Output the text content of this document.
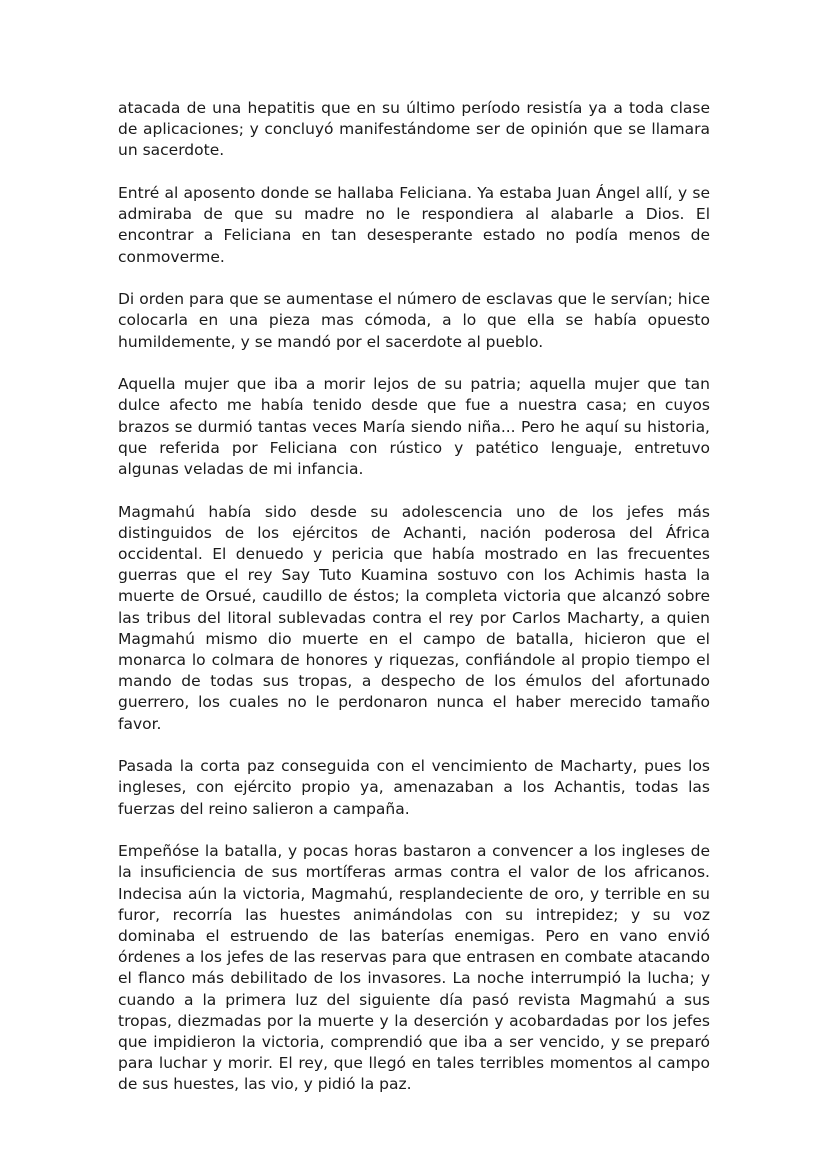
atacada de una hepatitis que en su último período resistía ya a toda clase de aplicaciones; y concluyó manifestándome ser de opinión que se llamara un sacerdote.

Entré al aposento donde se hallaba Feliciana. Ya estaba Juan Ángel allí, y se admiraba de que su madre no le respondiera al alabarle a Dios. El encontrar a Feliciana en tan desesperante estado no podía menos de conmoverme.

Di orden para que se aumentase el número de esclavas que le servían; hice colocarla en una pieza mas cómoda, a lo que ella se había opuesto humildemente, y se mandó por el sacerdote al pueblo.

Aquella mujer que iba a morir lejos de su patria; aquella mujer que tan dulce afecto me había tenido desde que fue a nuestra casa; en cuyos brazos se durmió tantas veces María siendo niña... Pero he aquí su historia, que referida por Feliciana con rústico y patético lenguaje, entretuvo algunas veladas de mi infancia.

Magmahú había sido desde su adolescencia uno de los jefes más distinguidos de los ejércitos de Achanti, nación poderosa del África occidental. El denuedo y pericia que había mostrado en las frecuentes guerras que el rey Say Tuto Kuamina sostuvo con los Achimis hasta la muerte de Orsué, caudillo de éstos; la completa victoria que alcanzó sobre las tribus del litoral sublevadas contra el rey por Carlos Macharty, a quien Magmahú mismo dio muerte en el campo de batalla, hicieron que el monarca lo colmara de honores y riquezas, confiándole al propio tiempo el mando de todas sus tropas, a despecho de los émulos del afortunado guerrero, los cuales no le perdonaron nunca el haber merecido tamaño favor.

Pasada la corta paz conseguida con el vencimiento de Macharty, pues los ingleses, con ejército propio ya, amenazaban a los Achantis, todas las fuerzas del reino salieron a campaña.

Empeñóse la batalla, y pocas horas bastaron a convencer a los ingleses de la insuficiencia de sus mortíferas armas contra el valor de los africanos. Indecisa aún la victoria, Magmahú, resplandeciente de oro, y terrible en su furor, recorría las huestes animándolas con su intrepidez; y su voz dominaba el estruendo de las baterías enemigas. Pero en vano envió órdenes a los jefes de las reservas para que entrasen en combate atacando el flanco más debilitado de los invasores. La noche interrumpió la lucha; y cuando a la primera luz del siguiente día pasó revista Magmahú a sus tropas, diezmadas por la muerte y la deserción y acobardadas por los jefes que impidieron la victoria, comprendió que iba a ser vencido, y se preparó para luchar y morir. El rey, que llegó en tales terribles momentos al campo de sus huestes, las vio, y pidió la paz.
